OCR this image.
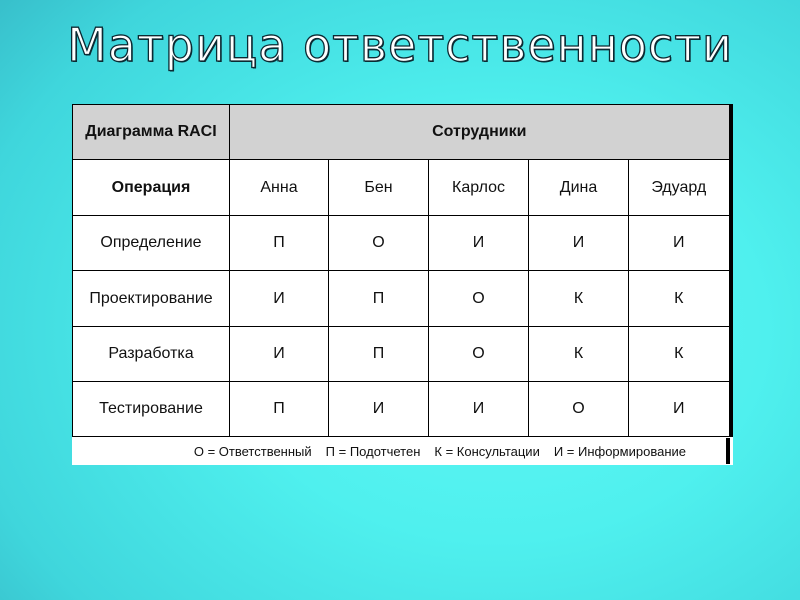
Матрица ответственности
Диаграмма RACI	Сотрудники				
Операция	Анна	Бен	Карлос	Дина	Эдуард
Определение	П	О	И	И	И
Проектирование	И	П	О	К	К
Разработка	И	П	О	К	К
Тестирование	П	И	И	О	И
О = Ответственный П = Подотчетен К = Консультации И = Информирование
